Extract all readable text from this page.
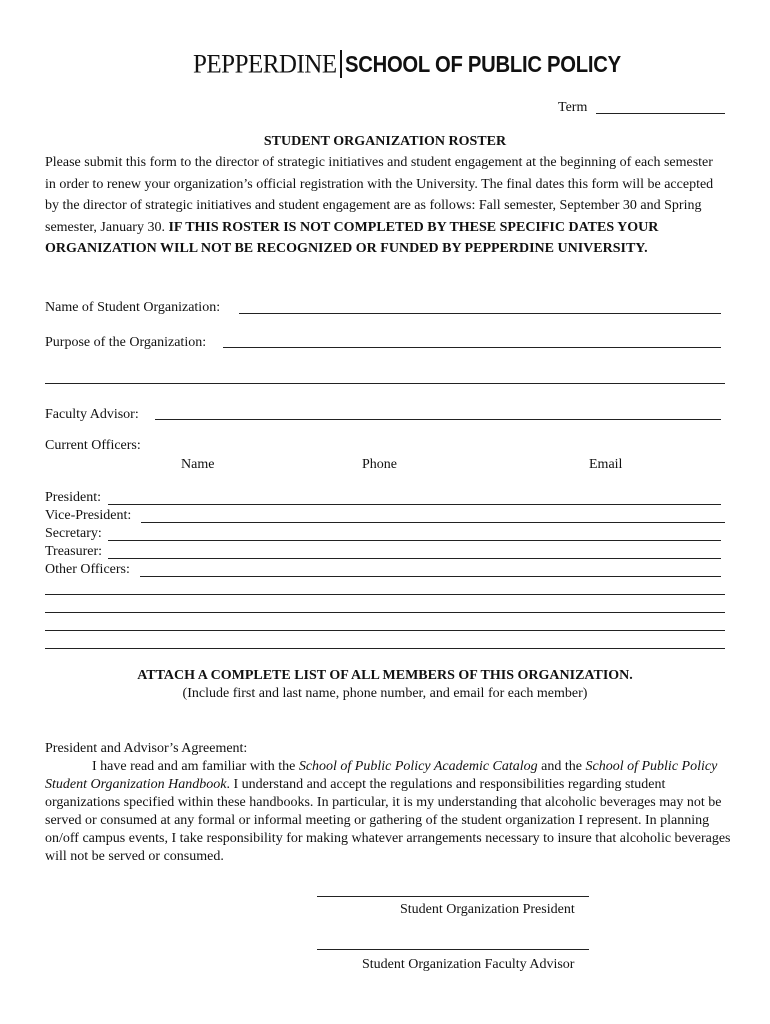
PEPPERDINE SCHOOL OF PUBLIC POLICY
Term
STUDENT ORGANIZATION ROSTER
Please submit this form to the director of strategic initiatives and student engagement at the beginning of each semester in order to renew your organization’s official registration with the University. The final dates this form will be accepted by the director of strategic initiatives and student engagement are as follows: Fall semester, September 30 and Spring semester, January 30. IF THIS ROSTER IS NOT COMPLETED BY THESE SPECIFIC DATES YOUR ORGANIZATION WILL NOT BE RECOGNIZED OR FUNDED BY PEPPERDINE UNIVERSITY.
Name of Student Organization:
Purpose of the Organization:
Faculty Advisor:
Current Officers:
Name	Phone	Email
President:
Vice-President:
Secretary:
Treasurer:
Other Officers:
ATTACH A COMPLETE LIST OF ALL MEMBERS OF THIS ORGANIZATION.
(Include first and last name, phone number, and email for each member)

President and Advisor’s Agreement:

I have read and am familiar with the School of Public Policy Academic Catalog and the School of Public Policy Student Organization Handbook. I understand and accept the regulations and responsibilities regarding student organizations specified within these handbooks. In particular, it is my understanding that alcoholic beverages may not be served or consumed at any formal or informal meeting or gathering of the student organization I represent. In planning on/off campus events, I take responsibility for making whatever arrangements necessary to insure that alcoholic beverages will not be served or consumed.

Student Organization President
Student Organization Faculty Advisor
